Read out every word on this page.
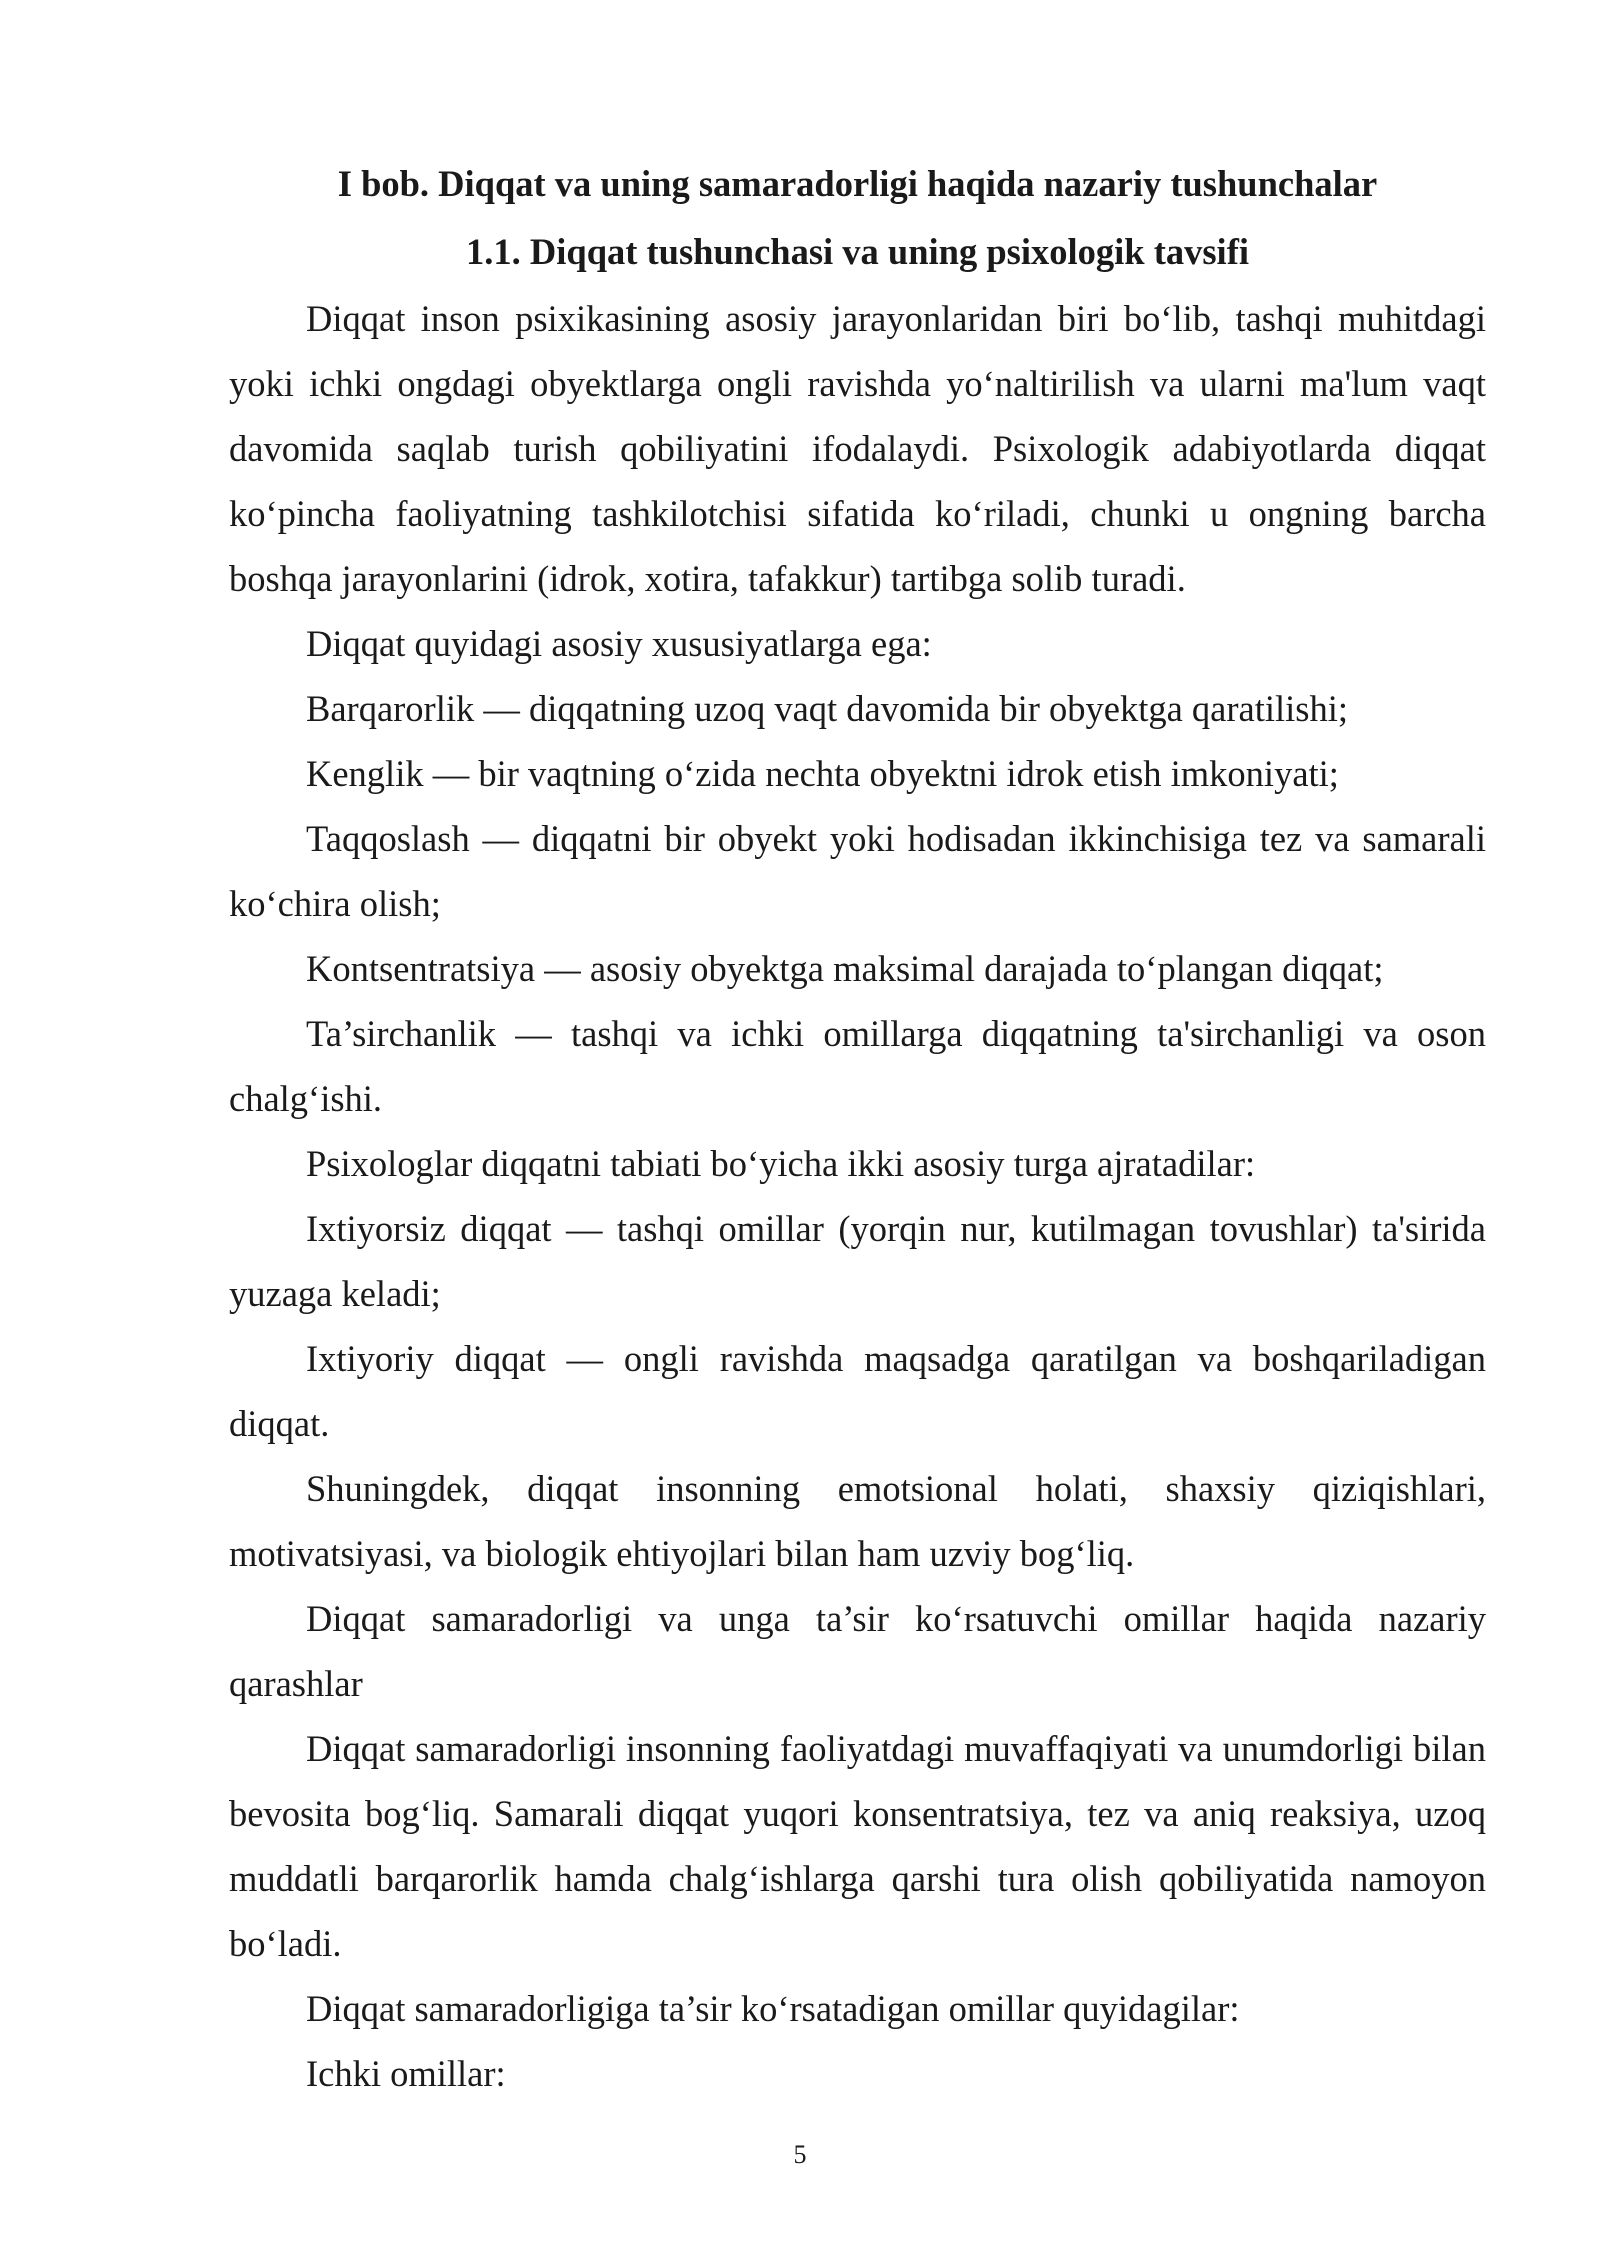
I bob. Diqqat va uning samaradorligi haqida nazariy tushunchalar
1.1. Diqqat tushunchasi va uning psixologik tavsifi

Diqqat inson psixikasining asosiy jarayonlaridan biri bo‘lib, tashqi muhitdagi yoki ichki ongdagi obyektlarga ongli ravishda yo‘naltirilish va ularni ma'lum vaqt davomida saqlab turish qobiliyatini ifodalaydi. Psixologik adabiyotlarda diqqat ko‘pincha faoliyatning tashkilotchisi sifatida ko‘riladi, chunki u ongning barcha boshqa jarayonlarini (idrok, xotira, tafakkur) tartibga solib turadi.

Diqqat quyidagi asosiy xususiyatlarga ega:

Barqarorlik — diqqatning uzoq vaqt davomida bir obyektga qaratilishi;

Kenglik — bir vaqtning o‘zida nechta obyektni idrok etish imkoniyati;

Taqqoslash — diqqatni bir obyekt yoki hodisadan ikkinchisiga tez va samarali ko‘chira olish;

Kontsentratsiya — asosiy obyektga maksimal darajada to‘plangan diqqat;

Ta’sirchanlik — tashqi va ichki omillarga diqqatning ta'sirchanligi va oson chalg‘ishi.

Psixologlar diqqatni tabiati bo‘yicha ikki asosiy turga ajratadilar:

Ixtiyorsiz diqqat — tashqi omillar (yorqin nur, kutilmagan tovushlar) ta'sirida yuzaga keladi;

Ixtiyoriy diqqat — ongli ravishda maqsadga qaratilgan va boshqariladigan diqqat.

Shuningdek, diqqat insonning emotsional holati, shaxsiy qiziqishlari, motivatsiyasi, va biologik ehtiyojlari bilan ham uzviy bog‘liq.

Diqqat samaradorligi va unga ta’sir ko‘rsatuvchi omillar haqida nazariy qarashlar

Diqqat samaradorligi insonning faoliyatdagi muvaffaqiyati va unumdorligi bilan bevosita bog‘liq. Samarali diqqat yuqori konsentratsiya, tez va aniq reaksiya, uzoq muddatli barqarorlik hamda chalg‘ishlarga qarshi tura olish qobiliyatida namoyon bo‘ladi.

Diqqat samaradorligiga ta’sir ko‘rsatadigan omillar quyidagilar:

Ichki omillar:

5
